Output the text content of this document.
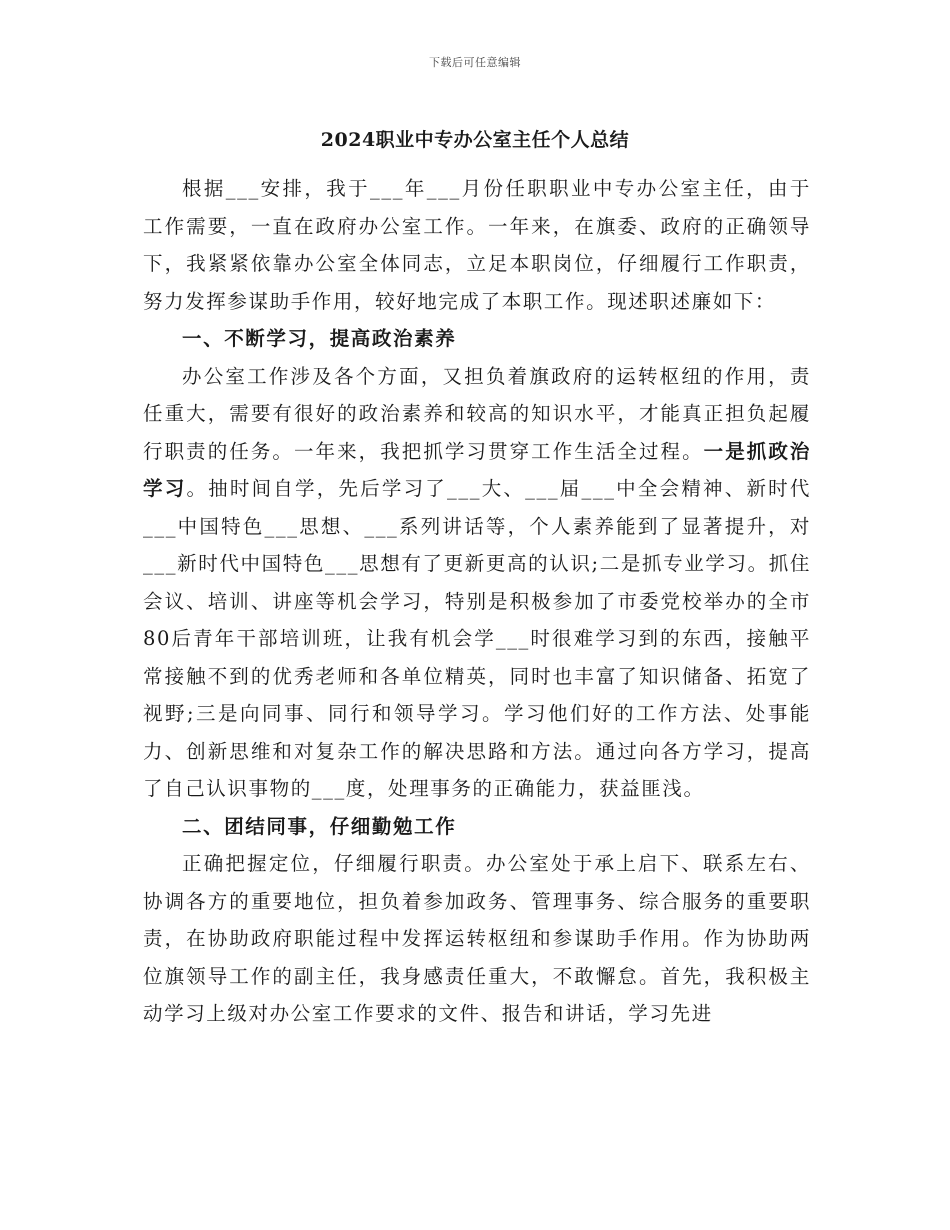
下载后可任意编辑
2024职业中专办公室主任个人总结

根据___安排，我于___年___月份任职职业中专办公室主任，由于工作需要，一直在政府办公室工作。一年来，在旗委、政府的正确领导下，我紧紧依靠办公室全体同志，立足本职岗位，仔细履行工作职责，努力发挥参谋助手作用，较好地完成了本职工作。现述职述廉如下：

一、不断学习，提高政治素养

办公室工作涉及各个方面，又担负着旗政府的运转枢纽的作用，责任重大，需要有很好的政治素养和较高的知识水平，才能真正担负起履行职责的任务。一年来，我把抓学习贯穿工作生活全过程。一是抓政治学习。抽时间自学，先后学习了___大、___届___中全会精神、新时代___中国特色___思想、___系列讲话等，个人素养能到了显著提升，对___新时代中国特色___思想有了更新更高的认识;二是抓专业学习。抓住会议、培训、讲座等机会学习，特别是积极参加了市委党校举办的全市80后青年干部培训班，让我有机会学___时很难学习到的东西，接触平常接触不到的优秀老师和各单位精英，同时也丰富了知识储备、拓宽了视野;三是向同事、同行和领导学习。学习他们好的工作方法、处事能力、创新思维和对复杂工作的解决思路和方法。通过向各方学习，提高了自己认识事物的___度，处理事务的正确能力，获益匪浅。

二、团结同事，仔细勤勉工作

正确把握定位，仔细履行职责。办公室处于承上启下、联系左右、协调各方的重要地位，担负着参加政务、管理事务、综合服务的重要职责，在协助政府职能过程中发挥运转枢纽和参谋助手作用。作为协助两位旗领导工作的副主任，我身感责任重大，不敢懈怠。首先，我积极主动学习上级对办公室工作要求的文件、报告和讲话，学习先进
